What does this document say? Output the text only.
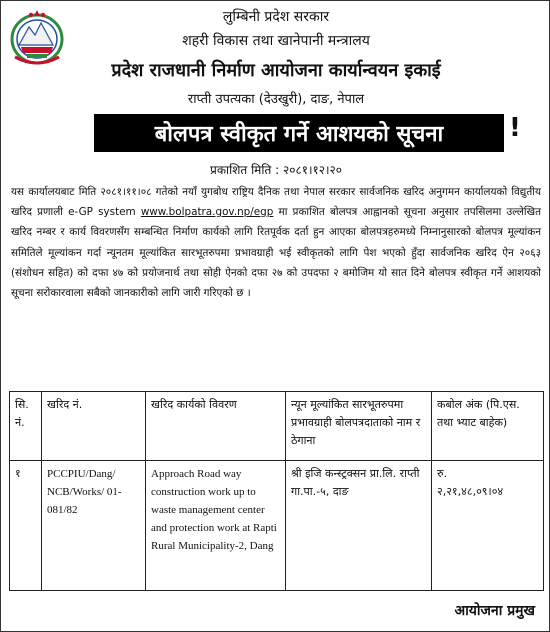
लुम्बिनी प्रदेश सरकार
शहरी विकास तथा खानेपानी मन्त्रालय
प्रदेश राजधानी निर्माण आयोजना कार्यान्वयन इकाई
राप्ती उपत्यका (देउखुरी), दाङ, नेपाल
बोलपत्र स्वीकृत गर्ने आशयको सूचना	!
प्रकाशित मिति : २०८१।१२।२०
यस कार्यालयबाट मिति २०८१।११।०८ गतेको नयाँ युगबोध राष्ट्रिय दैनिक तथा नेपाल सरकार सार्वजनिक खरिद अनुगमन कार्यालयको विद्युतीय खरिद प्रणाली e-GP system www.bolpatra.gov.np/egp मा प्रकाशित बोलपत्र आह्वानको सूचना अनुसार तपसिलमा उल्लेखित खरिद नम्बर र कार्य विवरणसँग सम्बन्धित निर्माण कार्यको लागि रितपूर्वक दर्ता हुन आएका बोलपत्रहरुमध्ये निम्नानुसारको बोलपत्र मूल्यांकन समितिले मूल्यांकन गर्दा न्यूनतम मूल्यांकित सारभूतरुपमा प्रभावग्राही भई स्वीकृतको लागि पेश भएको हुँदा सार्वजनिक खरिद ऐन २०६३ (संशोधन सहित) को दफा ४७ को प्रयोजनार्थ तथा सोही ऐनको दफा २७ को उपदफा २ बमोजिम यो सात दिने बोलपत्र स्वीकृत गर्ने आशयको सूचना सरोकारवाला सबैको जानकारीको लागि जारी गरिएको छ ।
सि. नं.	खरिद नं.	खरिद कार्यको विवरण	न्यून मूल्यांकित सारभूतरुपमा प्रभावग्राही बोलपत्रदाताको नाम र ठेगाना	कबोल अंक (पि.एस. तथा भ्याट बाहेक)
१	PCCPIU/Dang/ NCB/Works/ 01-081/82	Approach Road way construction work up to waste management center and protection work at Rapti Rural Municipality-2, Dang	श्री इजि कन्स्ट्रक्सन प्रा.लि. राप्ती गा.पा.-५, दाङ	रु.
२,२१,४८,०९।०४
आयोजना प्रमुख
